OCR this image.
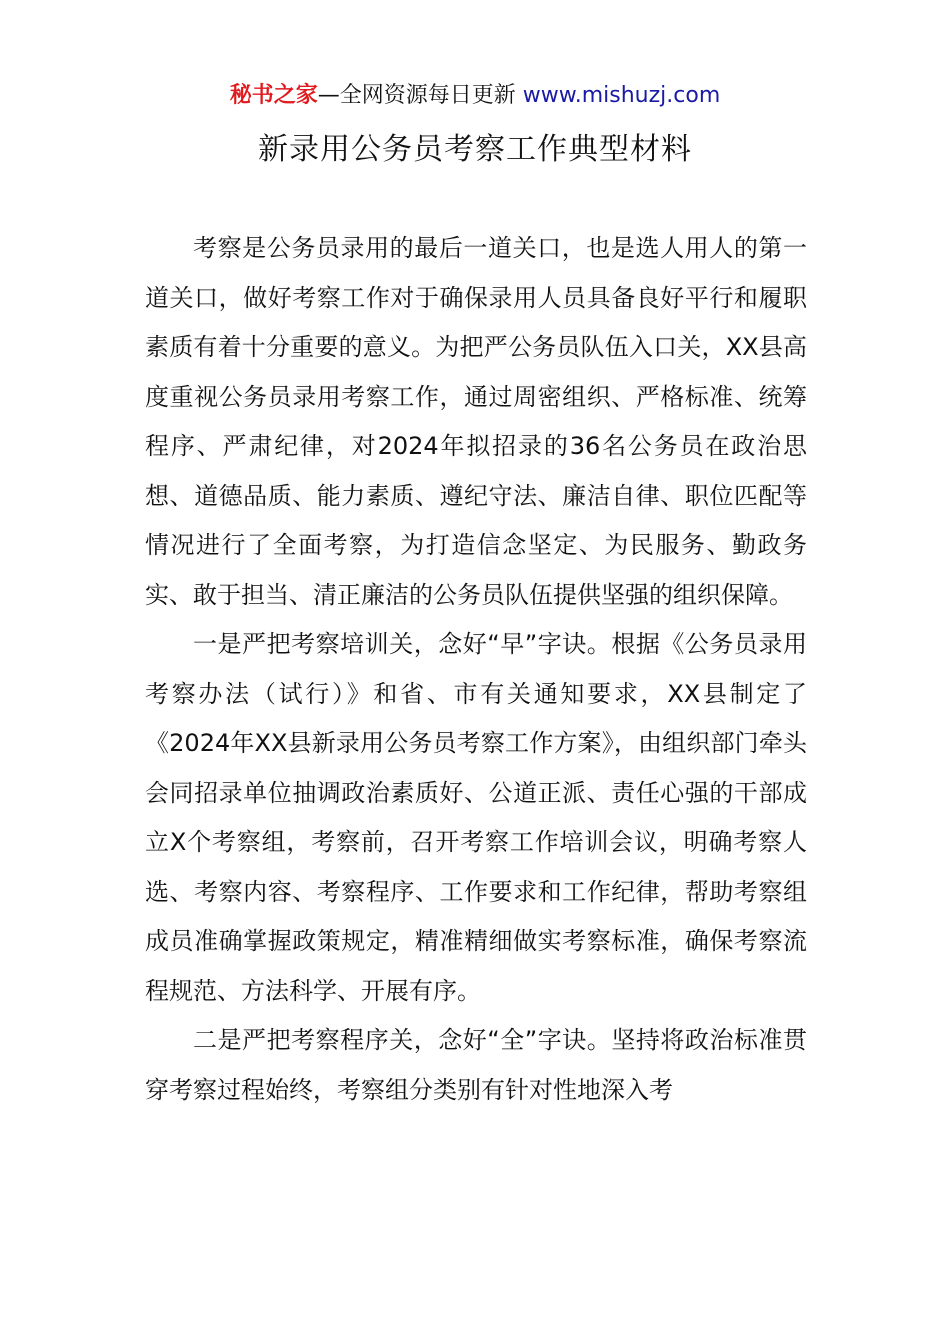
秘书之家—全网资源每日更新 www.mishuzj.com
新录用公务员考察工作典型材料

考察是公务员录用的最后一道关口，也是选人用人的第一道关口，做好考察工作对于确保录用人员具备良好平行和履职素质有着十分重要的意义。为把严公务员队伍入口关，XX县高度重视公务员录用考察工作，通过周密组织、严格标准、统筹程序、严肃纪律，对2024年拟招录的36名公务员在政治思想、道德品质、能力素质、遵纪守法、廉洁自律、职位匹配等情况进行了全面考察，为打造信念坚定、为民服务、勤政务实、敢于担当、清正廉洁的公务员队伍提供坚强的组织保障。

一是严把考察培训关，念好“早”字诀。根据《公务员录用考察办法（试行）》和省、市有关通知要求，XX县制定了《2024年XX县新录用公务员考察工作方案》，由组织部门牵头会同招录单位抽调政治素质好、公道正派、责任心强的干部成立X个考察组，考察前，召开考察工作培训会议，明确考察人选、考察内容、考察程序、工作要求和工作纪律，帮助考察组成员准确掌握政策规定，精准精细做实考察标准，确保考察流程规范、方法科学、开展有序。

二是严把考察程序关，念好“全”字诀。坚持将政治标准贯穿考察过程始终，考察组分类别有针对性地深入考
